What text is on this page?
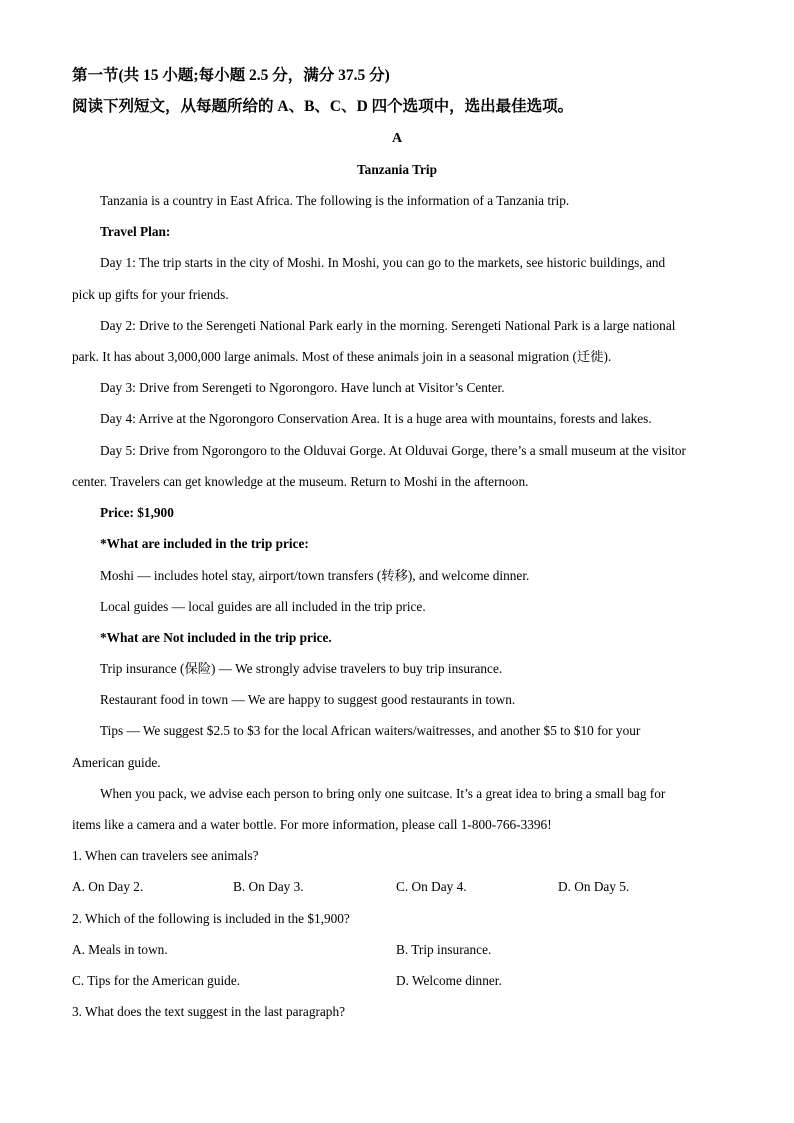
第一节(共 15 小题;每小题 2.5 分，满分 37.5 分)
阅读下列短文，从每题所给的 A、B、C、D 四个选项中，选出最佳选项。
A
Tanzania Trip
Tanzania is a country in East Africa. The following is the information of a Tanzania trip.
Travel Plan:
Day 1: The trip starts in the city of Moshi. In Moshi, you can go to the markets, see historic buildings, and
pick up gifts for your friends.
Day 2: Drive to the Serengeti National Park early in the morning. Serengeti National Park is a large national
park. It has about 3,000,000 large animals. Most of these animals join in a seasonal migration (迁徙).
Day 3: Drive from Serengeti to Ngorongoro. Have lunch at Visitor’s Center.
Day 4: Arrive at the Ngorongoro Conservation Area. It is a huge area with mountains, forests and lakes.
Day 5: Drive from Ngorongoro to the Olduvai Gorge. At Olduvai Gorge, there’s a small museum at the visitor
center. Travelers can get knowledge at the museum. Return to Moshi in the afternoon.
Price: $1,900
*What are included in the trip price:
Moshi — includes hotel stay, airport/town transfers (转移), and welcome dinner.
Local guides — local guides are all included in the trip price.
*What are Not included in the trip price.
Trip insurance (保险) — We strongly advise travelers to buy trip insurance.
Restaurant food in town — We are happy to suggest good restaurants in town.
Tips — We suggest $2.5 to $3 for the local African waiters/waitresses, and another $5 to $10 for your
American guide.
When you pack, we advise each person to bring only one suitcase. It’s a great idea to bring a small bag for
items like a camera and a water bottle. For more information, please call 1-800-766-3396!
1. When can travelers see animals?
A. On Day 2.	B. On Day 3.	C. On Day 4.	D. On Day 5.
2. Which of the following is included in the $1,900?
A. Meals in town.	B. Trip insurance.
C. Tips for the American guide.	D. Welcome dinner.
3. What does the text suggest in the last paragraph?
